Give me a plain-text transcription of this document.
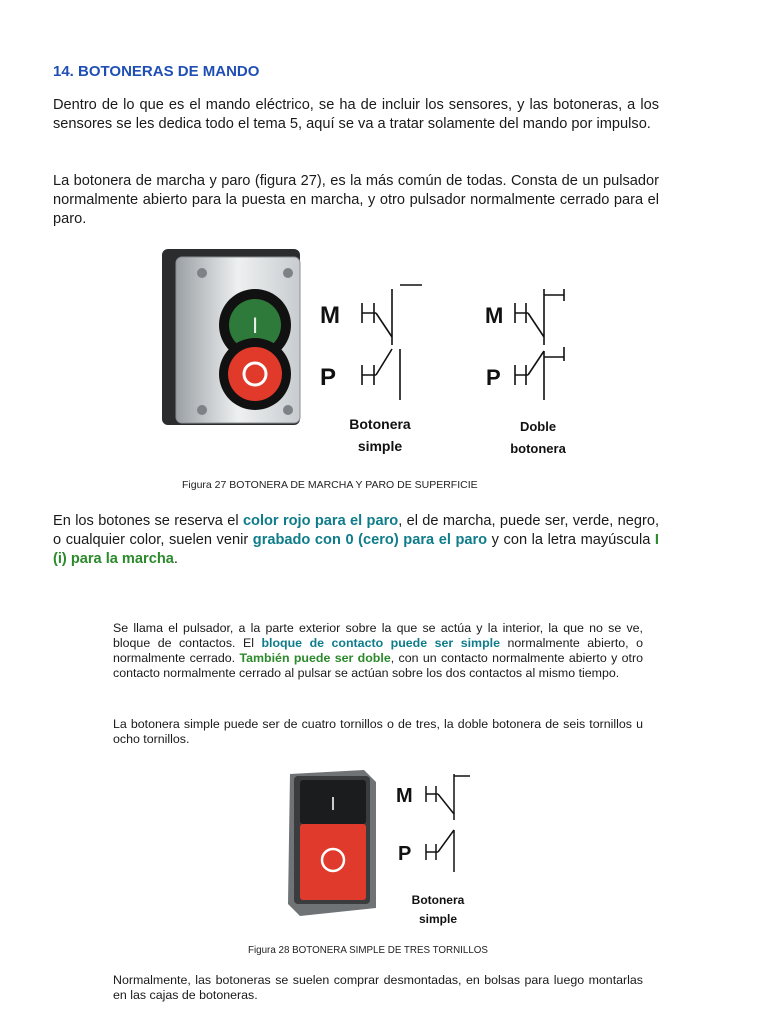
14. BOTONERAS DE MANDO
Dentro de lo que es el mando eléctrico, se ha de incluir los sensores, y las botoneras, a los sensores se les dedica todo el tema 5, aquí se va a tratar solamente del mando por impulso.
La botonera de marcha y paro (figura 27), es la más común de todas. Consta de un pulsador normalmente abierto para la puesta en marcha, y otro pulsador normalmente cerrado para el paro.
I	M
P
M
P
Botonera
simple
Doble
botonera
Figura 27 BOTONERA DE MARCHA Y PARO DE SUPERFICIE
En los botones se reserva el color rojo para el paro, el de marcha, puede ser, verde, negro, o cualquier color, suelen venir grabado con 0 (cero) para el paro y con la letra mayúscula I (i) para la marcha.
Se llama el pulsador, a la parte exterior sobre la que se actúa y la interior, la que no se ve, bloque de contactos. El bloque de contacto puede ser simple normalmente abierto, o normalmente cerrado. También puede ser doble, con un contacto normalmente abierto y otro contacto normalmente cerrado al pulsar se actúan sobre los dos contactos al mismo tiempo.
La botonera simple puede ser de cuatro tornillos o de tres, la doble botonera de seis tornillos u ocho tornillos.
I	M
P
Botonera
simple
Figura 28 BOTONERA SIMPLE DE TRES TORNILLOS
Normalmente, las botoneras se suelen comprar desmontadas, en bolsas para luego montarlas en las cajas de botoneras.
